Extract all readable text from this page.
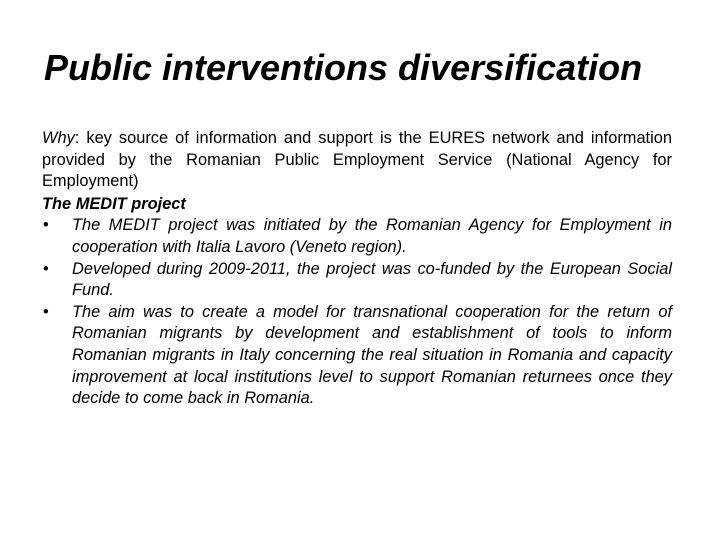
Public interventions diversification

Why: key source of information and support is the EURES network and information provided by the Romanian Public Employment Service (National Agency for Employment)

The MEDIT project
• The MEDIT project was initiated by the Romanian Agency for Employment in cooperation with Italia Lavoro (Veneto region).
• Developed during 2009-2011, the project was co-funded by the European Social Fund.
• The aim was to create a model for transnational cooperation for the return of Romanian migrants by development and establishment of tools to inform Romanian migrants in Italy concerning the real situation in Romania and capacity improvement at local institutions level to support Romanian returnees once they decide to come back in Romania.
